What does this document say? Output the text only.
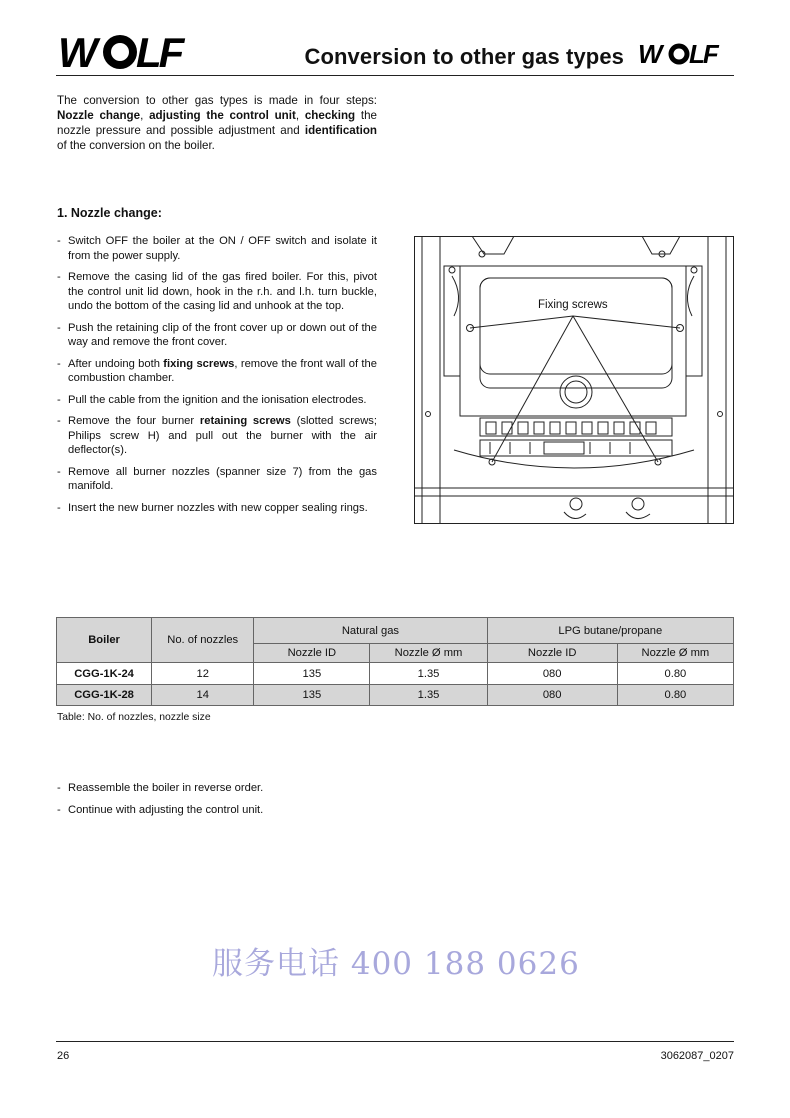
W LF	Conversion to other gas types W LF

The conversion to other gas types is made in four steps: Nozzle change, adjusting the control unit, checking the nozzle pressure and possible adjustment and identification of the conversion on the boiler.

1. Nozzle change:
- Switch OFF the boiler at the ON / OFF switch and isolate it from the power supply.
- Remove the casing lid of the gas fired boiler. For this, pivot the control unit lid down, hook in the r.h. and l.h. turn buckle, undo the bottom of the casing lid and unhook at the top.
- Push the retaining clip of the front cover up or down out of the way and remove the front cover.
- After undoing both fixing screws, remove the front wall of the combustion chamber.
- Pull the cable from the ignition and the ionisation electrodes.
- Remove the four burner retaining screws (slotted screws; Philips screw H) and pull out the burner with the air deflector(s).
- Remove all burner nozzles (spanner size 7) from the gas manifold.
- Insert the new burner nozzles with new copper sealing rings.
Fixing screws
Boiler	No. of nozzles	Natural gas		LPG butane/propane	
		Nozzle ID	Nozzle Ø mm	Nozzle ID	Nozzle Ø mm
CGG-1K-24	12	135	1.35	080	0.80
CGG-1K-28	14	135	1.35	080	0.80

Table: No. of nozzles, nozzle size

- Reassemble the boiler in reverse order.
- Continue with adjusting the control unit.
服务电话 400 188 0626
26	3062087_0207
